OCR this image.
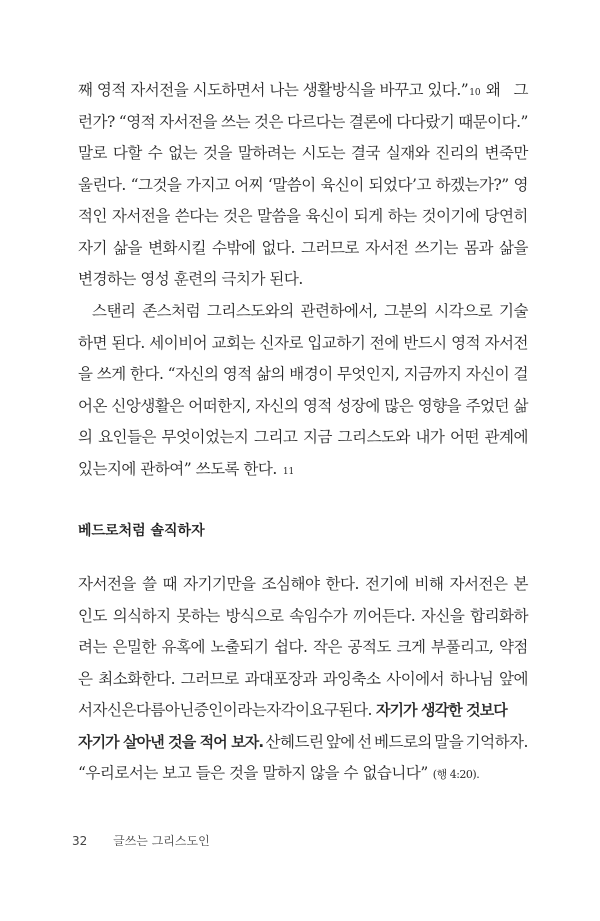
째 영적 자서전을 시도하면서 나는 생활방식을 바꾸고 있다.” 10 왜   그

런가? “영적 자서전을 쓰는 것은 다르다는 결론에 다다랐기 때문이다.”

말로 다할 수 없는 것을 말하려는 시도는 결국 실재와 진리의 변죽만

울린다. “그것을 가지고 어찌 ‘말씀이 육신이 되었다’고 하겠는가?” 영

적인 자서전을 쓴다는 것은 말씀을 육신이 되게 하는 것이기에 당연히

자기 삶을 변화시킬 수밖에 없다. 그러므로 자서전 쓰기는 몸과 삶을

변경하는 영성 훈련의 극치가 된다.

스탠리 존스처럼 그리스도와의 관련하에서, 그분의 시각으로 기술

하면 된다. 세이비어 교회는 신자로 입교하기 전에 반드시 영적 자서전

을 쓰게 한다. “자신의 영적 삶의 배경이 무엇인지, 지금까지 자신이 걸

어온 신앙생활은 어떠한지, 자신의 영적 성장에 많은 영향을 주었던 삶

의 요인들은 무엇이었는지 그리고 지금 그리스도와 내가 어떤 관계에

있는지에 관하여” 쓰도록 한다. 11

자서전을 쓸 때 자기기만을 조심해야 한다. 전기에 비해 자서전은 본

인도 의식하지 못하는 방식으로 속임수가 끼어든다. 자신을 합리화하

려는 은밀한 유혹에 노출되기 쉽다. 작은 공적도 크게 부풀리고, 약점

은 최소화한다. 그러므로 과대포장과 과잉축소 사이에서 하나님 앞에

서 자신은 다름 아닌 증인이라는 자각이 요구된다. 자기가 생각한 것보다

자기가 살아낸 것을 적어 보자. 산헤드린 앞에 선 베드로의 말을 기억하자.

“우리로서는 보고 들은 것을 말하지 않을 수 없습니다” (행 4:20).

베드로처럼 솔직하자
32 글쓰는 그리스도인
